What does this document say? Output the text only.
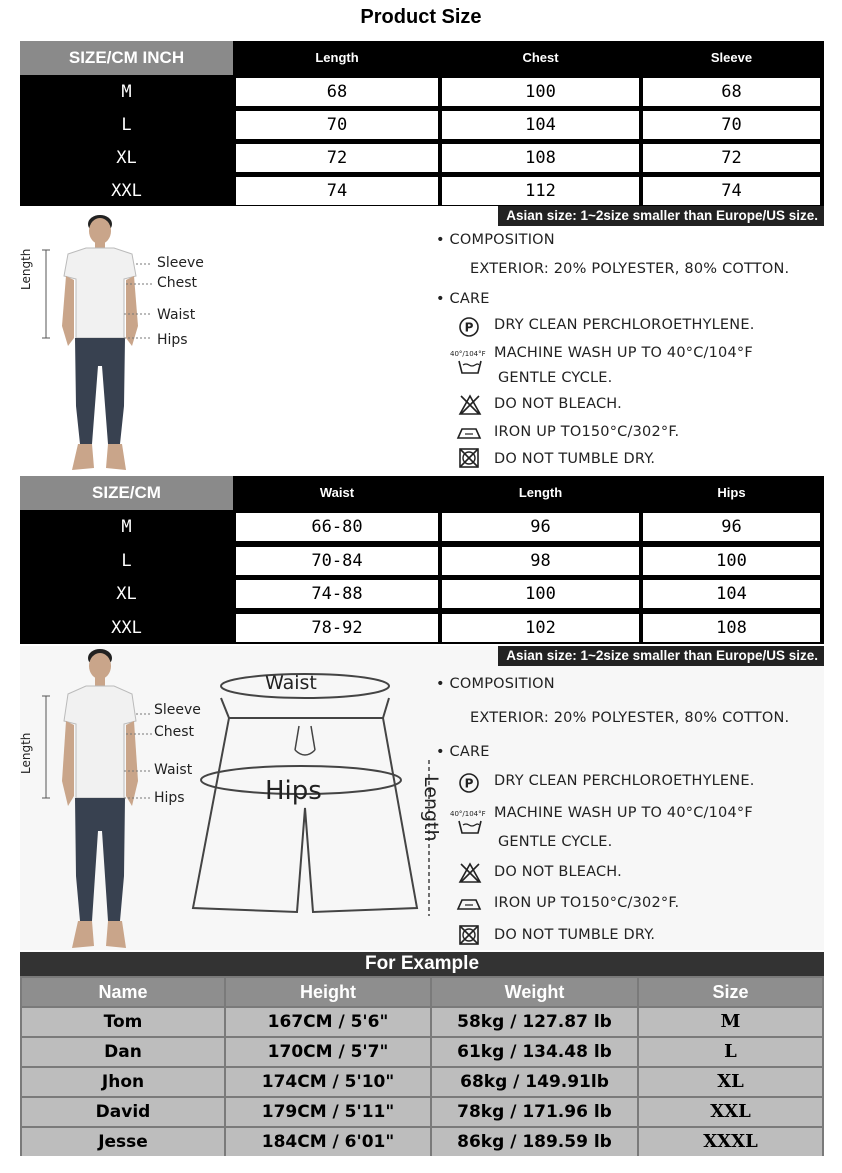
Product Size
SIZE/CM INCH	Length	Chest	Sleeve
M	68	100	68
L	70	104	70
XL	72	108	72
XXL	74	112	74
Sleeve
Chest
Waist
Hips
Length
Asian size: 1~2size smaller than Europe/US size.
• COMPOSITION
EXTERIOR: 20% POLYESTER, 80% COTTON.
• CARE
P DRY CLEAN PERCHLOROETHYLENE.
40°/104°F MACHINE WASH UP TO 40°C/104°F
GENTLE CYCLE.
DO NOT BLEACH.
IRON UP TO150°C/302°F.
DO NOT TUMBLE DRY.
SIZE/CM	Waist	Length	Hips
M	66-80	96	96
L	70-84	98	100
XL	74-88	100	104
XXL	78-92	102	108
Sleeve
Chest
Waist
Hips
Length
Waist
Hips	Length
Asian size: 1~2size smaller than Europe/US size.
• COMPOSITION
EXTERIOR: 20% POLYESTER, 80% COTTON.
• CARE
P DRY CLEAN PERCHLOROETHYLENE.
40°/104°F MACHINE WASH UP TO 40°C/104°F
GENTLE CYCLE.
DO NOT BLEACH.
IRON UP TO150°C/302°F.
DO NOT TUMBLE DRY.
For Example
Name	Height	Weight	Size
Tom	167CM / 5'6"	58kg / 127.87 lb	M
Dan	170CM / 5'7"	61kg / 134.48 lb	L
Jhon	174CM / 5'10"	68kg / 149.91lb	XL
David	179CM / 5'11"	78kg / 171.96 lb	XXL
Jesse	184CM / 6'01"	86kg / 189.59 lb	XXXL
